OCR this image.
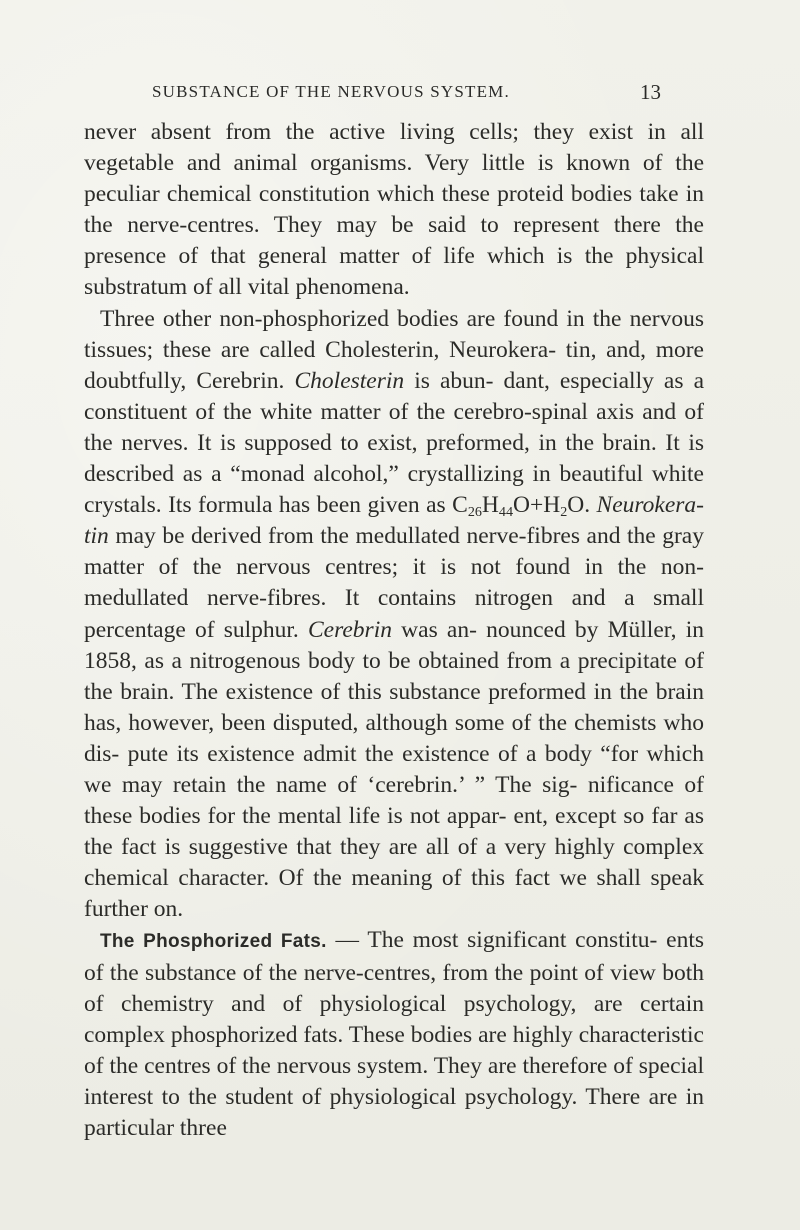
SUBSTANCE OF THE NERVOUS SYSTEM.	13

never absent from the active living cells; they exist in all vegetable and animal organisms. Very little is known of the peculiar chemical constitution which these proteid bodies take in the nerve-centres. They may be said to represent there the presence of that general matter of life which is the physical substratum of all vital phenomena.

Three other non-phosphorized bodies are found in the nervous tissues; these are called Cholesterin, Neurokera- tin, and, more doubtfully, Cerebrin. Cholesterin is abun- dant, especially as a constituent of the white matter of the cerebro-spinal axis and of the nerves. It is supposed to exist, preformed, in the brain. It is described as a “monad alcohol,” crystallizing in beautiful white crystals. Its formula has been given as $C_{26}H_{44}O+H_2O$. Neurokera- tin may be derived from the medullated nerve-fibres and the gray matter of the nervous centres; it is not found in the non-medullated nerve-fibres. It contains nitrogen and a small percentage of sulphur. Cerebrin was an- nounced by Müller, in 1858, as a nitrogenous body to be obtained from a precipitate of the brain. The existence of this substance preformed in the brain has, however, been disputed, although some of the chemists who dis- pute its existence admit the existence of a body “for which we may retain the name of ‘cerebrin.’ ” The sig- nificance of these bodies for the mental life is not appar- ent, except so far as the fact is suggestive that they are all of a very highly complex chemical character. Of the meaning of this fact we shall speak further on.

The Phosphorized Fats. — The most significant constitu- ents of the substance of the nerve-centres, from the point of view both of chemistry and of physiological psychology, are certain complex phosphorized fats. These bodies are highly characteristic of the centres of the nervous system. They are therefore of special interest to the student of physiological psychology. There are in particular three
